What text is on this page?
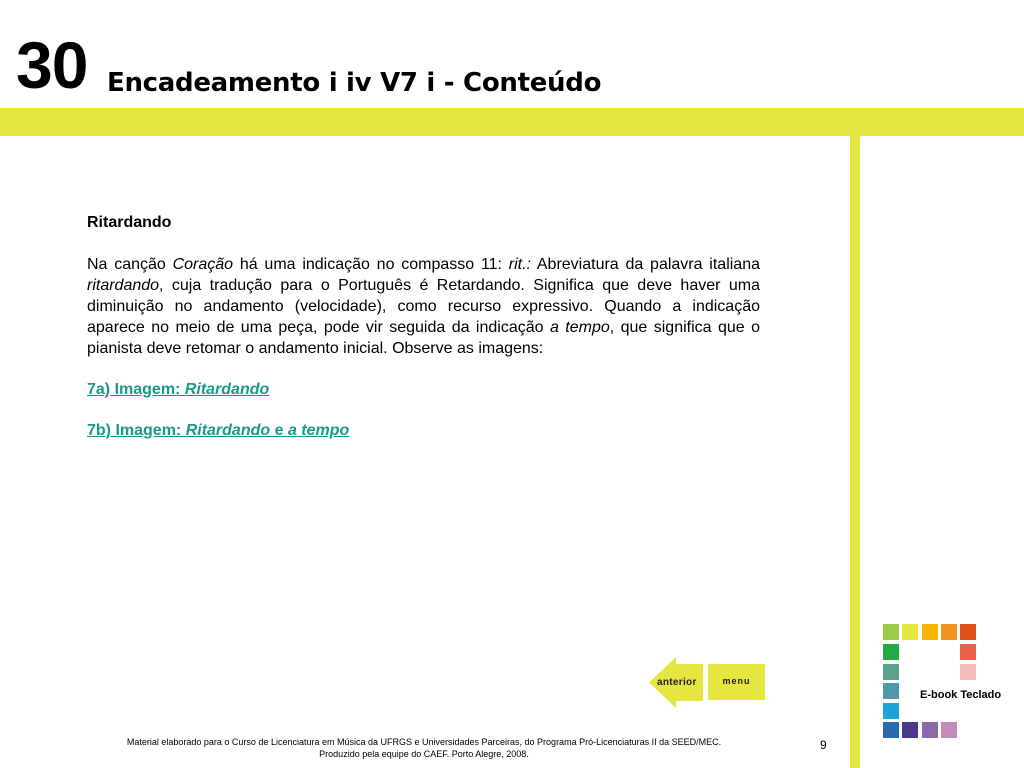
30 Encadeamento i iv V7 i - Conteúdo

Ritardando

Na canção Coração há uma indicação no compasso 11: rit.: Abreviatura da palavra italiana ritardando, cuja tradução para o Português é Retardando. Significa que deve haver uma diminuição no andamento (velocidade), como recurso expressivo. Quando a indicação aparece no meio de uma peça, pode vir seguida da indicação a tempo, que significa que o pianista deve retomar o andamento inicial. Observe as imagens:

7a) Imagem: Ritardando
7b) Imagem: Ritardando e a tempo
anterior	menu
E-book Teclado
Material elaborado para o Curso de Licenciatura em Música da UFRGS e Universidades Parceiras, do Programa Pró-Licenciaturas II da SEED/MEC.
Produzido pela equipe do CAEF. Porto Alegre, 2008.
9
